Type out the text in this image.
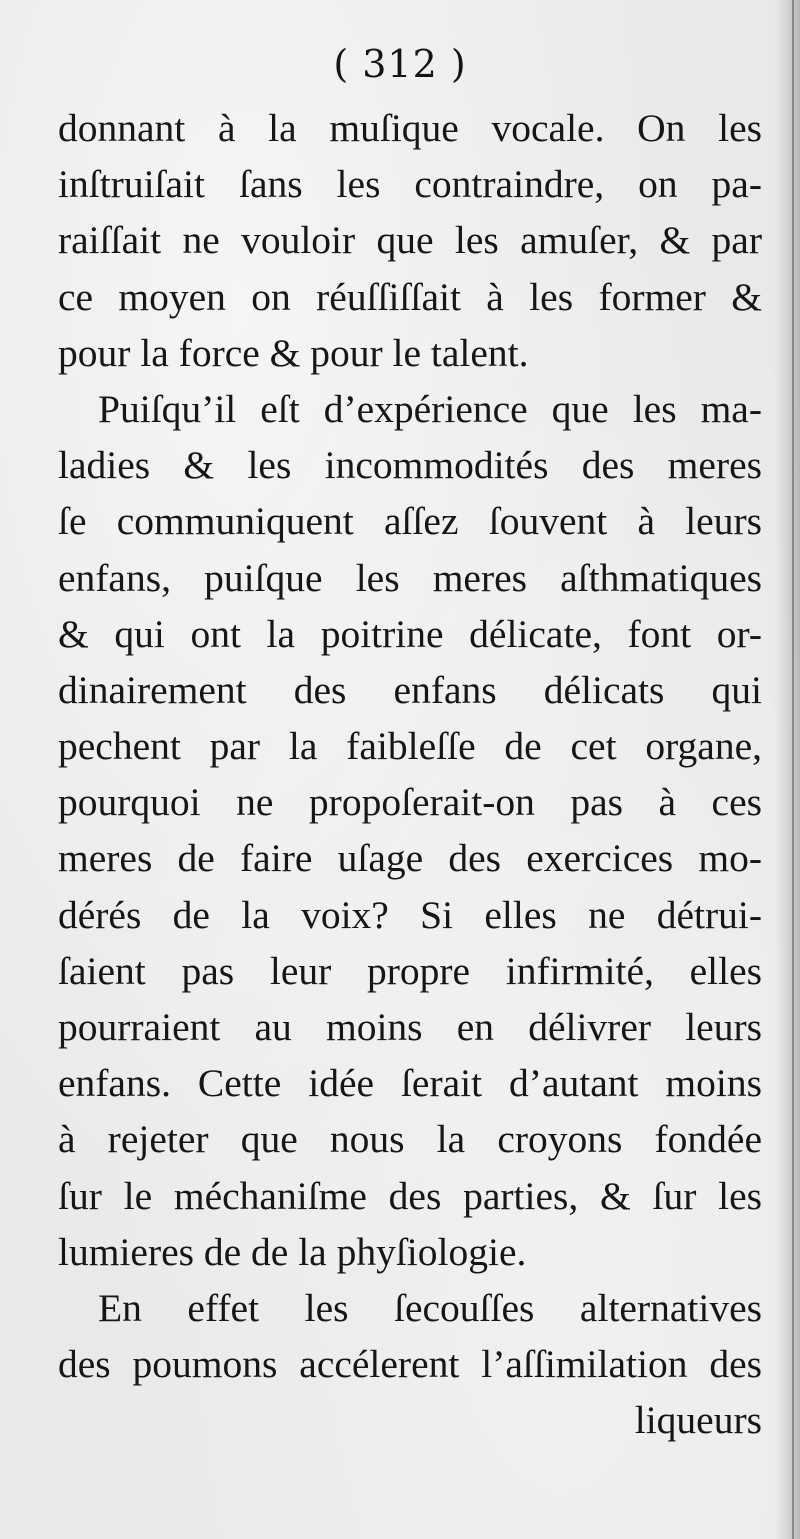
( 312 )
donnant à la muſique vocale. On les
inſtruiſait ſans les contraindre, on pa-
raiſſait ne vouloir que les amuſer, & par
ce moyen on réuſſiſſait à les former &
pour la force & pour le talent.
Puiſqu’il eſt d’expérience que les ma-
ladies & les incommodités des meres
ſe communiquent aſſez ſouvent à leurs
enfans, puiſque les meres aſthmatiques
& qui ont la poitrine délicate, font or-
dinairement des enfans délicats qui
pechent par la faibleſſe de cet organe,
pourquoi ne propoſerait-on pas à ces
meres de faire uſage des exercices mo-
dérés de la voix? Si elles ne détrui-
ſaient pas leur propre infirmité, elles
pourraient au moins en délivrer leurs
enfans. Cette idée ſerait d’autant moins
à rejeter que nous la croyons fondée
ſur le méchaniſme des parties, & ſur les
lumieres de de la phyſiologie.
En effet les ſecouſſes alternatives
des poumons accélerent l’aſſimilation des
liqueurs
